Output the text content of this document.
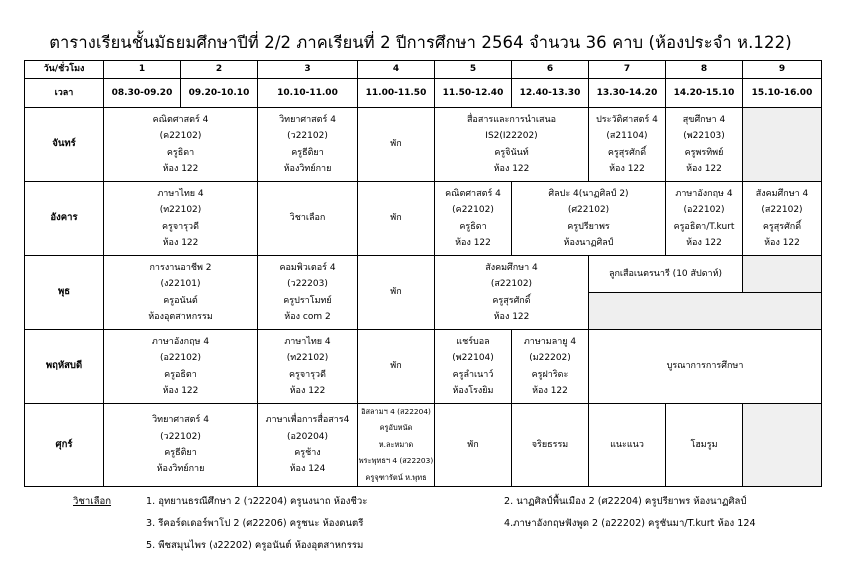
ตารางเรียนชั้นมัธยมศึกษาปีที่ 2/2 ภาคเรียนที่ 2 ปีการศึกษา 2564 จำนวน 36 คาบ (ห้องประจำ ห.122)
วัน/ชั่วโมง	1	2	3	4	5	6	7	8	9
เวลา	08.30-09.20	09.20-10.10	10.10-11.00	11.00-11.50	11.50-12.40	12.40-13.30	13.30-14.20	14.20-15.10	15.10-16.00
จันทร์	คณิตศาสตร์ 4
(ค22102)
ครูธิดา
ห้อง 122		วิทยาศาสตร์ 4
(ว22102)
ครูธีติยา
ห้องวิทย์กาย	พัก	สื่อสารและการนำเสนอ
IS2(I22202)
ครูจินันท์
ห้อง 122		ประวัติศาสตร์ 4
(ส21104)
ครูสุรศักดิ์
ห้อง 122	สุขศึกษา 4
(พ22103)
ครูพรทิพย์
ห้อง 122	

อังคาร	ภาษาไทย 4
(ท22102)
ครูจารุวดี
ห้อง 122		วิชาเลือก	พัก	คณิตศาสตร์ 4
(ค22102)
ครูธิดา
ห้อง 122	ศิลปะ 4(นาฏศิลป์ 2)
(ศ22102)
ครูปรียาพร
ห้องนาฏศิลป์		ภาษาอังกฤษ 4
(อ22102)
ครูอธิตา/T.kurt
ห้อง 122	สังคมศึกษา 4
(ส22102)
ครูสุรศักดิ์
ห้อง 122

พุธ	การงานอาชีพ 2
(ง22101)
ครูอนันต์
ห้องอุตสาหกรรม		คอมพิวเตอร์ 4
(ว22203)
ครูปราโมทย์
ห้อง com 2	พัก	สังคมศึกษา 4
(ส22102)
ครูสุรศักดิ์
ห้อง 122		ลูกเสือเนตรนารี (10 สัปดาห์)		

พฤหัสบดี	ภาษาอังกฤษ 4
(อ22102)
ครูอธิตา
ห้อง 122		ภาษาไทย 4
(ท22102)
ครูจารุวดี
ห้อง 122	พัก	แชร์บอล
(พ22104)
ครูลำเนาว์
ห้องโรงยิม	ภาษามลายู 4
(ม22202)
ครูฝาริดะ
ห้อง 122	บูรณาการการศึกษา		
ศุกร์	วิทยาศาสตร์ 4
(ว22102)
ครูธีติยา
ห้องวิทย์กาย		ภาษาเพื่อการสื่อสาร4
(อ20204)
ครูช้าง
ห้อง 124	อิสลามฯ 4 (ส22204)
ครูอับหนัด
ห.ละหมาด
พระพุทธฯ 4 (ส22203)
ครูจุฑารัตน์ ห.พุทธ	พัก	จริยธรรม	แนะแนว	โฮมรูม	
วิชาเลือก	1. อุทยานธรณีศึกษา 2 (ว22204) ครูนงนาถ ห้องชีวะ	2. นาฏศิลป์พื้นเมือง 2 (ศ22204) ครูปรียาพร ห้องนาฏศิลป์
3. รีคอร์ดเดอร์พาโป 2 (ศ22206) ครูชนะ ห้องดนตรี	4.ภาษาอังกฤษฟังพูด 2 (อ22202) ครูชันมา/T.kurt ห้อง 124
5. พืชสมุนไพร (ง22202) ครูอนันต์ ห้องอุตสาหกรรม
